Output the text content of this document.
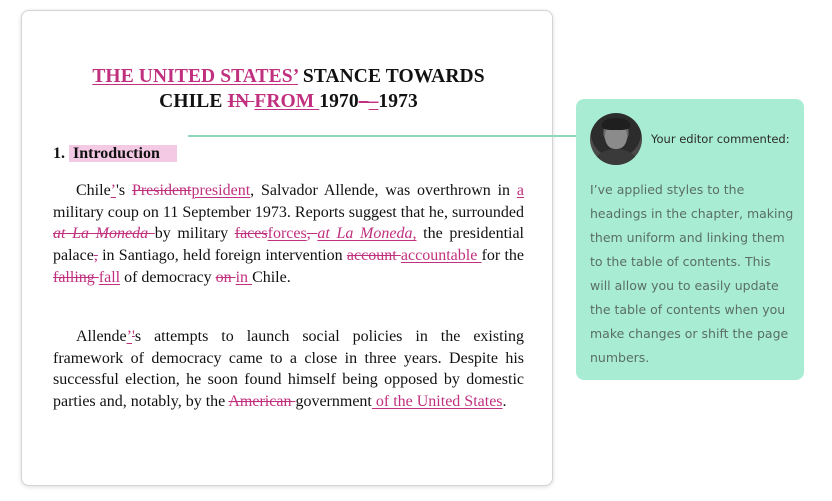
THE UNITED STATES’ STANCE TOWARDS
CHILE IN FROM 1970––1973
1. Introduction

Chile’'s Presidentpresident, Salvador Allende, was overthrown in a military coup on 11 September 1973. Reports suggest that he, surrounded at La Moneda by military facesforces, at La Moneda, the presidential palace, in Santiago, held foreign intervention account accountable for the falling fall of democracy on in Chile.

Allende’'s attempts to launch social policies in the existing framework of democracy came to a close in three years. Despite his successful election, he soon found himself being opposed by domestic parties and, notably, by the American government of the United States.

Your editor commented:
I’ve applied styles to the headings in the chapter, making them uniform and linking them to the table of contents. This will allow you to easily update the table of contents when you make changes or shift the page numbers.
